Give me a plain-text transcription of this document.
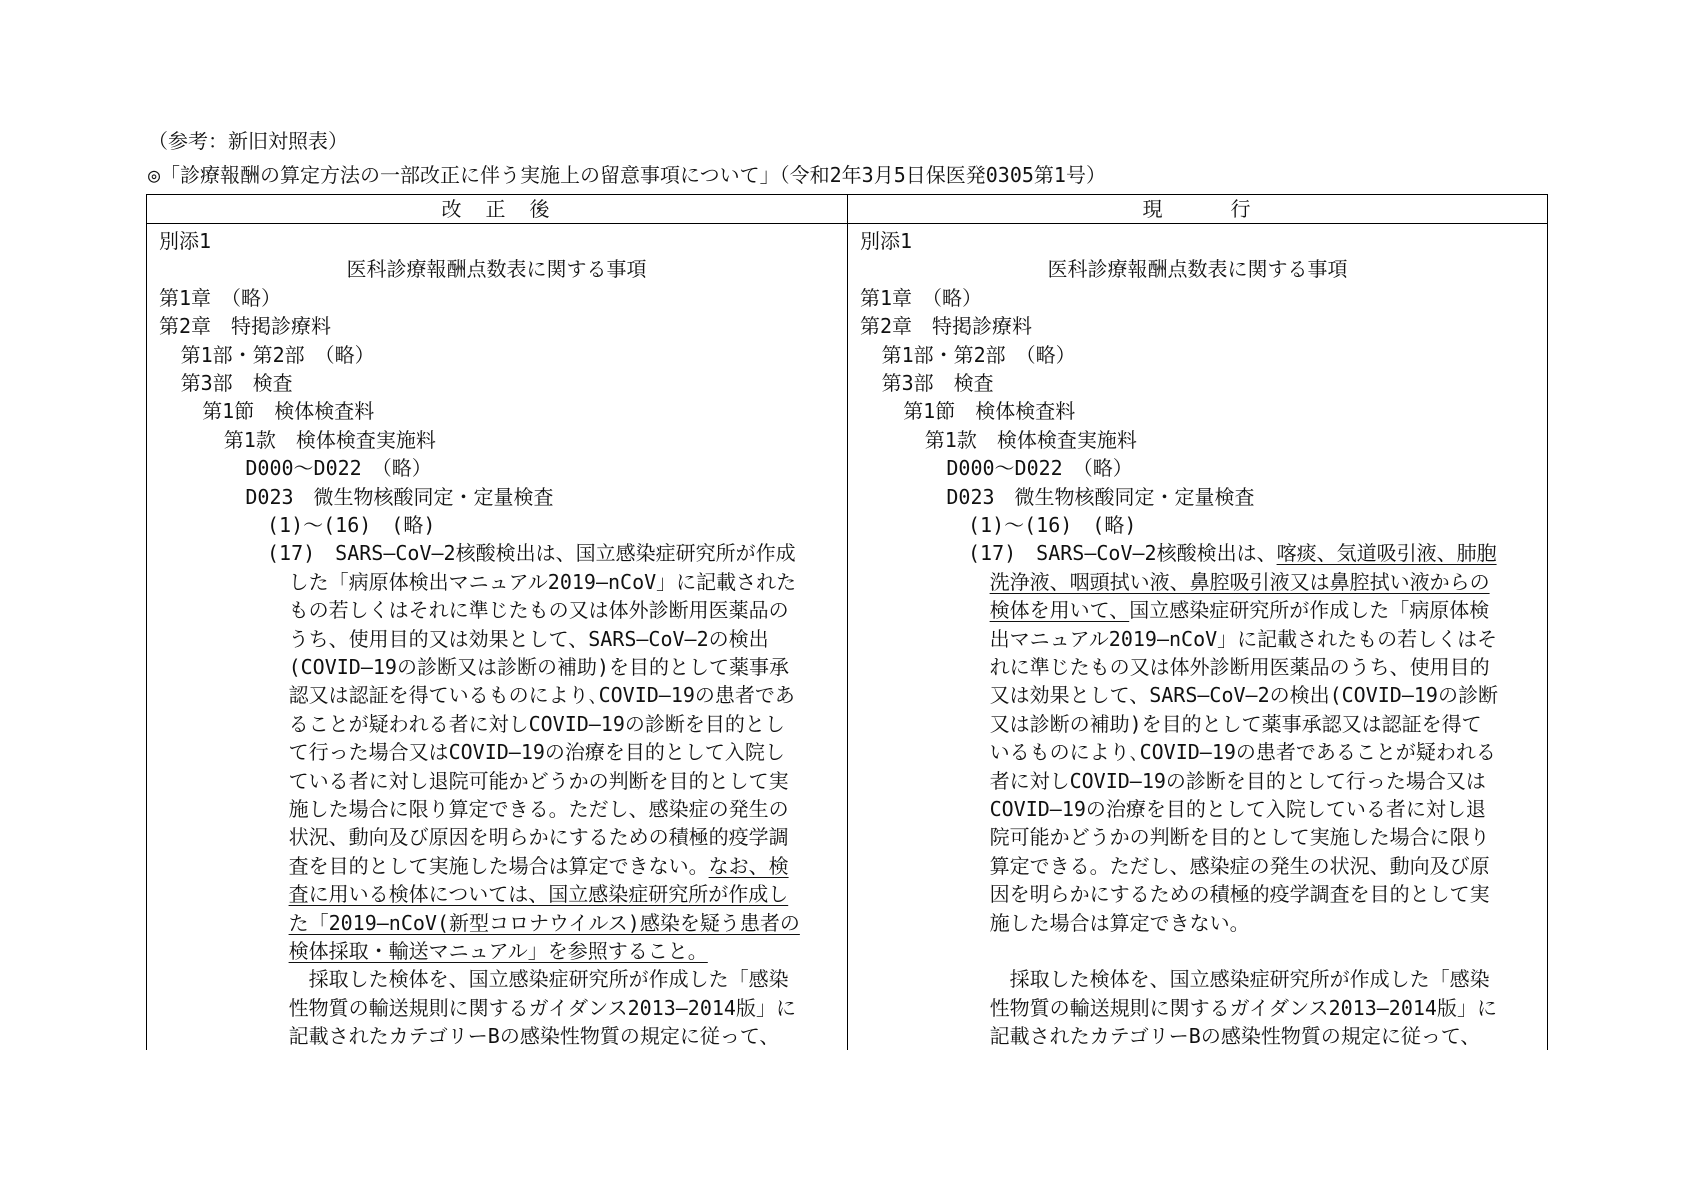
（参考：新旧対照表）
◎「診療報酬の算定方法の一部改正に伴う実施上の留意事項について」（令和2年3月5日保医発0305第1号）
改　正　後	現　　　行
別添1
医科診療報酬点数表に関する事項
第1章　（略）
第2章　特掲診療料
第1部・第2部　（略）
第3部　検査
第1節　検体検査料
第1款　検体検査実施料
D000～D022　（略）
D023　微生物核酸同定・定量検査
(1)～(16)　(略)
(17)　SARS―CoV―2核酸検出は、国立感染症研究所が作成
した「病原体検出マニュアル2019―nCoV」に記載された
もの若しくはそれに準じたもの又は体外診断用医薬品の
うち、使用目的又は効果として、SARS―CoV―2の検出
(COVID―19の診断又は診断の補助)を目的として薬事承
認又は認証を得ているものにより､COVID―19の患者であ
ることが疑われる者に対しCOVID―19の診断を目的とし
て行った場合又はCOVID―19の治療を目的として入院し
ている者に対し退院可能かどうかの判断を目的として実
施した場合に限り算定できる。ただし、感染症の発生の
状況、動向及び原因を明らかにするための積極的疫学調
査を目的として実施した場合は算定できない。なお、検
査に用いる検体については、国立感染症研究所が作成し
た「2019―nCoV(新型コロナウイルス)感染を疑う患者の
検体採取・輸送マニュアル」を参照すること。
　採取した検体を、国立感染症研究所が作成した「感染
性物質の輸送規則に関するガイダンス2013―2014版」に
記載されたカテゴリーBの感染性物質の規定に従って、
別添1
医科診療報酬点数表に関する事項
第1章　（略）
第2章　特掲診療料
第1部・第2部　（略）
第3部　検査
第1節　検体検査料
第1款　検体検査実施料
D000～D022　（略）
D023　微生物核酸同定・定量検査
(1)～(16)　(略)
(17)　SARS―CoV―2核酸検出は、喀痰、気道吸引液、肺胞
洗浄液、咽頭拭い液、鼻腔吸引液又は鼻腔拭い液からの
検体を用いて、国立感染症研究所が作成した「病原体検
出マニュアル2019―nCoV」に記載されたもの若しくはそ
れに準じたもの又は体外診断用医薬品のうち、使用目的
又は効果として、SARS―CoV―2の検出(COVID―19の診断
又は診断の補助)を目的として薬事承認又は認証を得て
いるものにより､COVID―19の患者であることが疑われる
者に対しCOVID―19の診断を目的として行った場合又は
COVID―19の治療を目的として入院している者に対し退
院可能かどうかの判断を目的として実施した場合に限り
算定できる。ただし、感染症の発生の状況、動向及び原
因を明らかにするための積極的疫学調査を目的として実
施した場合は算定できない。
　採取した検体を、国立感染症研究所が作成した「感染
性物質の輸送規則に関するガイダンス2013―2014版」に
記載されたカテゴリーBの感染性物質の規定に従って、
